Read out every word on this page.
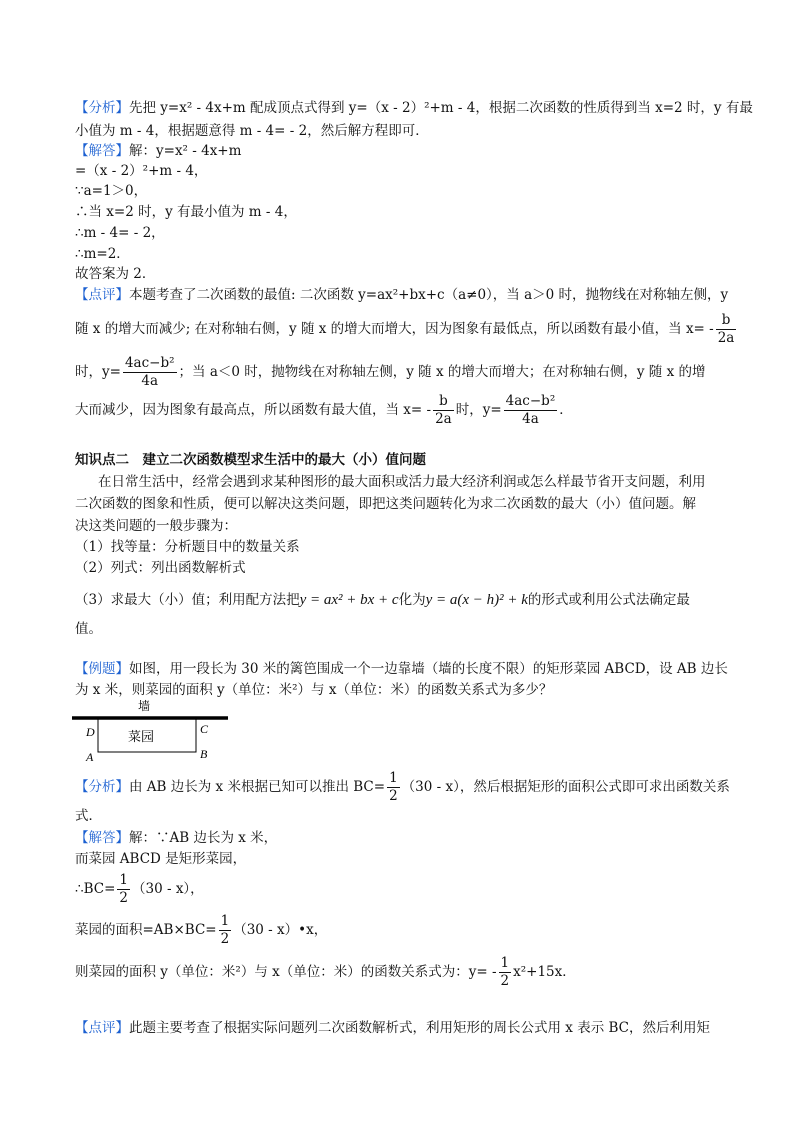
【分析】先把 y=x² - 4x+m 配成顶点式得到 y=（x - 2）²+m - 4，根据二次函数的性质得到当 x=2 时，y 有最
小值为 m - 4，根据题意得 m - 4= - 2，然后解方程即可．
【解答】解：y=x² - 4x+m
=（x - 2）²+m - 4，
∵a=1＞0，
∴当 x=2 时，y 有最小值为 m - 4，
∴m - 4= - 2，
∴m=2．
故答案为 2．
【点评】本题考查了二次函数的最值: 二次函数 y=ax²+bx+c（a≠0），当 a＞0 时，抛物线在对称轴左侧，y
随 x 的增大而减少; 在对称轴右侧，y 随 x 的增大而增大，因为图象有最低点，所以函数有最小值，当 $x= - \frac{b}{2a}$
时，$y= \frac{\text{4ac−b²}}{4a}$ ；当 a＜0 时，抛物线在对称轴左侧，y 随 x 的增大而增大；在对称轴右侧，y 随 x 的增
大而减少，因为图象有最高点，所以函数有最大值，当 $x= - \frac{b}{2a}$ 时，$y= \frac{\text{4ac−b²}}{4a}$ ．
知识点二　建立二次函数模型求生活中的最大（小）值问题
在日常生活中，经常会遇到求某种图形的最大面积或活力最大经济利润或怎么样最节省开支问题，利用
二次函数的图象和性质，便可以解决这类问题，即把这类问题转化为求二次函数的最大（小）值问题。解
决这类问题的一般步骤为：
（1）找等量：分析题目中的数量关系
（2）列式：列出函数解析式
（3）求最大（小）值；利用配方法把y = ax² + bx + c化为y = a(x − h)² + k的形式或利用公式法确定最
值。
【例题】如图，用一段长为 30 米的篱笆围成一个一边靠墙（墙的长度不限）的矩形菜园 ABCD，设 AB 边长
为 x 米，则菜园的面积 y（单位：米²）与 x（单位：米）的函数关系式为多少？
墙
菜园
D	C
A	B
【分析】由 AB 边长为 x 米根据已知可以推出 $BC= \frac{1}{2} (30 - x)$，然后根据矩形的面积公式即可求出函数关系
式．
【解答】解：∵AB 边长为 x 米，
而菜园 ABCD 是矩形菜园，
∴BC= $\frac{1}{2} (30 - x)$，
菜园的面积$=AB\times BC= \frac{1}{2} (30$ - x）•x，
则菜园的面积 y（单位：米²）与 x（单位：米）的函数关系式为：$y= - \frac{1}{2} x^2+15x$．
【点评】此题主要考查了根据实际问题列二次函数解析式，利用矩形的周长公式用 x 表示 BC，然后利用矩
